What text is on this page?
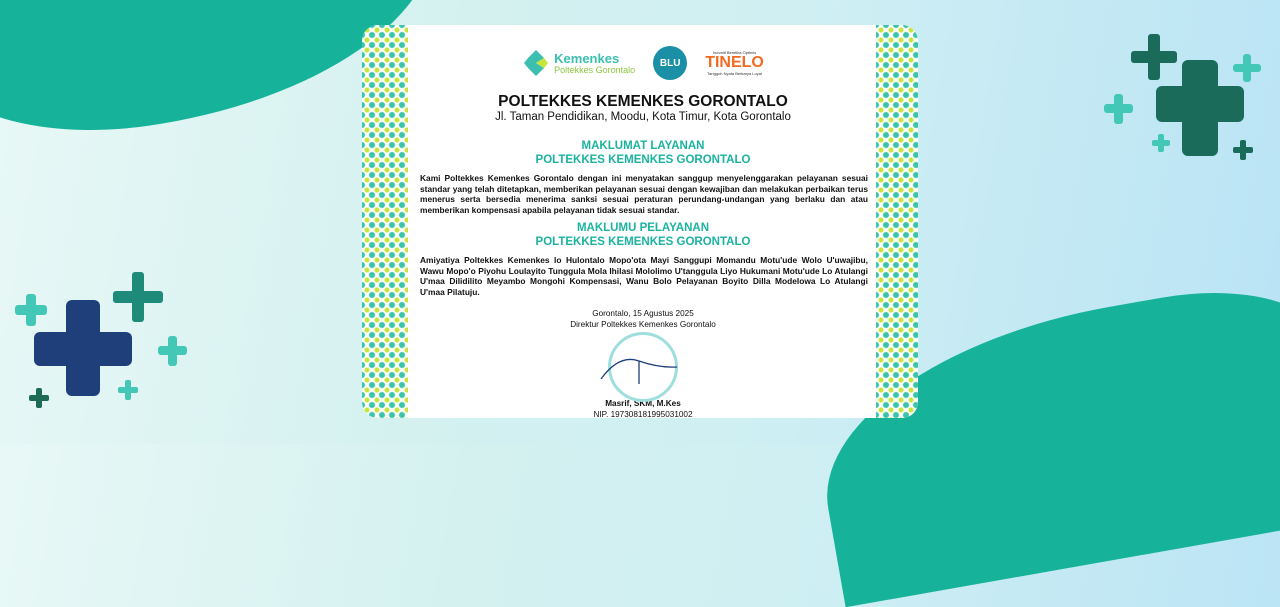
Kemenkes
Poltekkes Gorontalo
BLU
Inovatif Beretika Optimis
TINELO
Tangguh Nyata Berkarya Loyal
POLTEKKES KEMENKES GORONTALO
Jl. Taman Pendidikan, Moodu, Kota Timur, Kota Gorontalo
MAKLUMAT LAYANAN
POLTEKKES KEMENKES GORONTALO

Kami Poltekkes Kemenkes Gorontalo dengan ini menyatakan sanggup menyelenggarakan pelayanan sesuai standar yang telah ditetapkan, memberikan pelayanan sesuai dengan kewajiban dan melakukan perbaikan terus menerus serta bersedia menerima sanksi sesuai peraturan perundang-undangan yang berlaku dan atau memberikan kompensasi apabila pelayanan tidak sesuai standar.

MAKLUMU PELAYANAN
POLTEKKES KEMENKES GORONTALO

Amiyatiya Poltekkes Kemenkes lo Hulontalo Mopo'ota Mayi Sanggupi Momandu Motu'ude Wolo U'uwajibu, Wawu Mopo'o Piyohu Loulayito Tunggula Mola Ihilasi Mololimo U'tanggula Liyo Hukumani Motu'ude Lo Atulangi U'maa Dilidilito Meyambo Mongohi Kompensasi, Wanu Bolo Pelayanan Boyito Dilla Modelowa Lo Atulangi U'maa Pilatuju.

Gorontalo, 15 Agustus 2025
Direktur Poltekkes Kemenkes Gorontalo
Masrif, SKM, M.Kes
NIP. 197308181995031002
